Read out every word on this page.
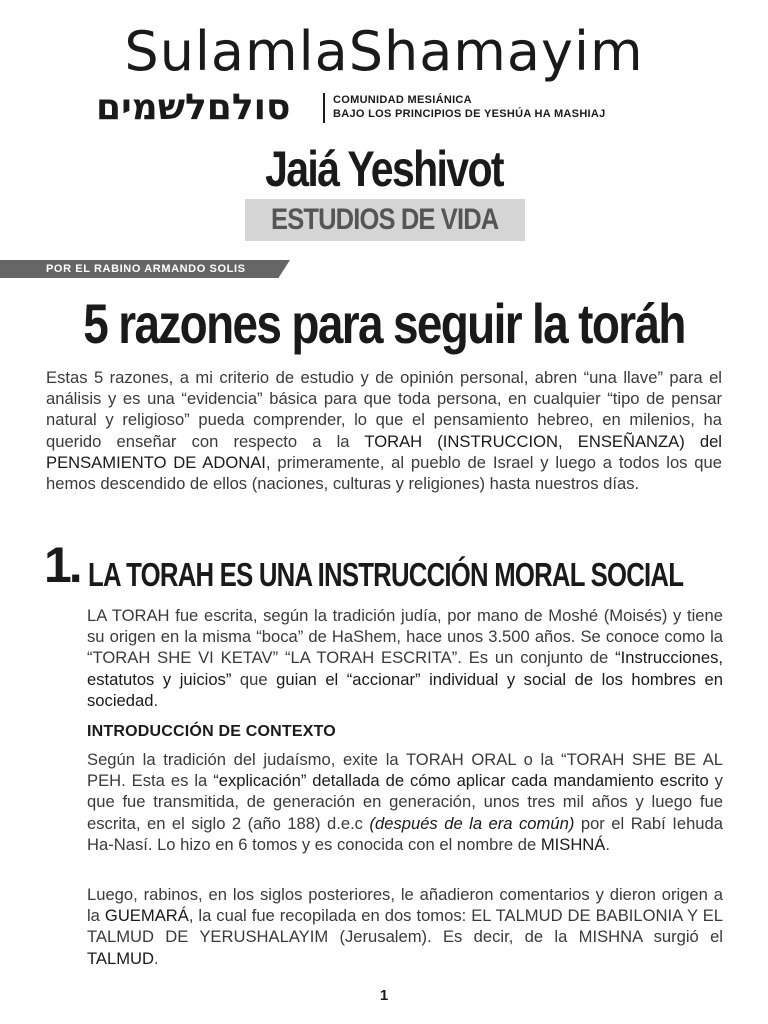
SulamlaShamayim
סולםלשמים	COMUNIDAD MESIÁNICA
BAJO LOS PRINCIPIOS DE YESHÚA HA MASHIAJ
Jaiá Yeshivot
ESTUDIOS DE VIDA
POR EL RABINO ARMANDO SOLIS
5 razones para seguir la toráh
Estas 5 razones, a mi criterio de estudio y de opinión personal, abren “una llave” para el análisis y es una “evidencia” básica para que toda persona, en cualquier “tipo de pensar natural y religioso” pueda comprender, lo que el pensamiento hebreo, en milenios, ha querido enseñar con respecto a la TORAH (INSTRUCCION, ENSEÑANZA) del PENSAMIENTO DE ADONAI, primeramente, al pueblo de Israel y luego a todos los que hemos descendido de ellos (naciones, culturas y religiones) hasta nuestros días.
1. LA TORAH ES UNA INSTRUCCIÓN MORAL SOCIAL
LA TORAH fue escrita, según la tradición judía, por mano de Moshé (Moisés) y tiene su origen en la misma “boca” de HaShem, hace unos 3.500 años. Se conoce como la “TORAH SHE VI KETAV” “LA TORAH ESCRITA”. Es un conjunto de “Instrucciones, estatutos y juicios” que guian el “accionar” individual y social de los hombres en sociedad.
INTRODUCCIÓN DE CONTEXTO
Según la tradición del judaísmo, exite la TORAH ORAL o la “TORAH SHE BE AL PEH. Esta es la “explicación” detallada de cómo aplicar cada mandamiento escrito y que fue transmitida, de generación en generación, unos tres mil años y luego fue escrita, en el siglo 2 (año 188) d.e.c (después de la era común) por el Rabí Iehuda Ha-Nasí. Lo hizo en 6 tomos y es conocida con el nombre de MISHNÁ.
Luego, rabinos, en los siglos posteriores, le añadieron comentarios y dieron origen a la GUEMARÁ, la cual fue recopilada en dos tomos: EL TALMUD DE BABILONIA Y EL TALMUD DE YERUSHALAYIM (Jerusalem). Es decir, de la MISHNA surgió el TALMUD.
1
